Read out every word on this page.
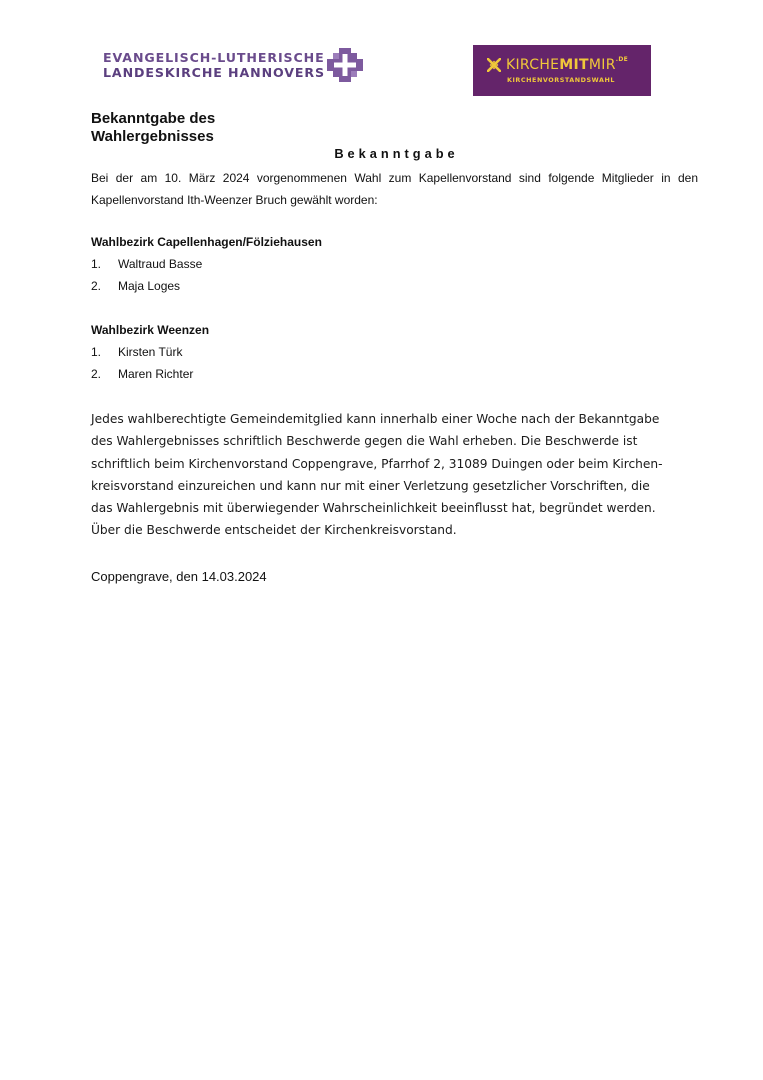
EVANGELISCH-LUTHERISCHE
LANDESKIRCHE HANNOVERS	$KIRCHEMITMIR^{.DE}$
KIRCHENVORSTANDSWAHL
Bekanntgabe des
Wahlergebnisses
Bekanntgabe
Bei der am 10. März 2024 vorgenommenen Wahl zum Kapellenvorstand sind folgende Mitglieder in den
Kapellenvorstand Ith-Weenzer Bruch gewählt worden:
Wahlbezirk Capellenhagen/Fölziehausen
1. Waltraud Basse
2. Maja Loges
Wahlbezirk Weenzen
1. Kirsten Türk
2. Maren Richter
Jedes wahlberechtigte Gemeindemitglied kann innerhalb einer Woche nach der Bekanntgabe
des Wahlergebnisses schriftlich Beschwerde gegen die Wahl erheben. Die Beschwerde ist
schriftlich beim Kirchenvorstand Coppengrave, Pfarrhof 2, 31089 Duingen oder beim Kirchen-
kreisvorstand einzureichen und kann nur mit einer Verletzung gesetzlicher Vorschriften, die
das Wahlergebnis mit überwiegender Wahrscheinlichkeit beeinflusst hat, begründet werden.
Über die Beschwerde entscheidet der Kirchenkreisvorstand.
Coppengrave, den 14.03.2024
